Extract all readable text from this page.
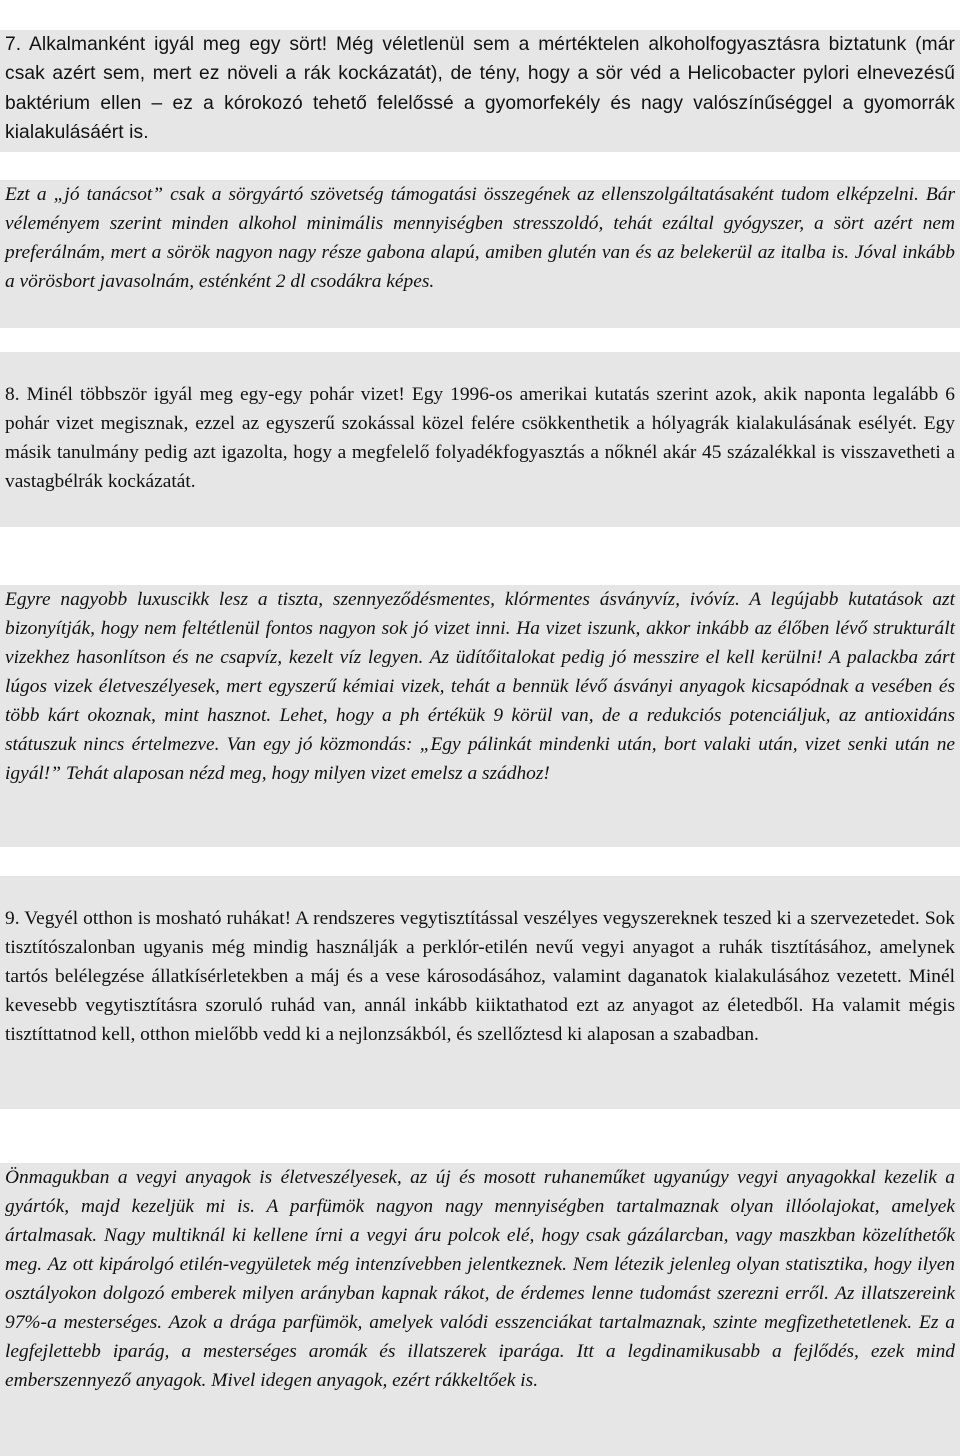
7. Alkalmanként igyál meg egy sört! Még véletlenül sem a mértéktelen alkoholfogyasztásra biztatunk (már csak azért sem, mert ez növeli a rák kockázatát), de tény, hogy a sör véd a Helicobacter pylori elnevezésű baktérium ellen – ez a kórokozó tehető felelőssé a gyomorfekély és nagy valószínűséggel a gyomorrák kialakulásáért is.

Ezt a „jó tanácsot” csak a sörgyártó szövetség támogatási összegének az ellenszolgáltatásaként tudom elképzelni. Bár véleményem szerint minden alkohol minimális mennyiségben stresszoldó, tehát ezáltal gyógyszer, a sört azért nem preferálnám, mert a sörök nagyon nagy része gabona alapú, amiben glutén van és az belekerül az italba is. Jóval inkább a vörösbort javasolnám, esténként 2 dl csodákra képes.

8. Minél többször igyál meg egy-egy pohár vizet! Egy 1996-os amerikai kutatás szerint azok, akik naponta legalább 6 pohár vizet megisznak, ezzel az egyszerű szokással közel felére csökkenthetik a hólyagrák kialakulásának esélyét. Egy másik tanulmány pedig azt igazolta, hogy a megfelelő folyadékfogyasztás a nőknél akár 45 százalékkal is visszavetheti a vastagbélrák kockázatát.

Egyre nagyobb luxuscikk lesz a tiszta, szennyeződésmentes, klórmentes ásványvíz, ivóvíz. A legújabb kutatások azt bizonyítják, hogy nem feltétlenül fontos nagyon sok jó vizet inni. Ha vizet iszunk, akkor inkább az élőben lévő strukturált vizekhez hasonlítson és ne csapvíz, kezelt víz legyen. Az üdítőitalokat pedig jó messzire el kell kerülni! A palackba zárt lúgos vizek életveszélyesek, mert egyszerű kémiai vizek, tehát a bennük lévő ásványi anyagok kicsapódnak a vesében és több kárt okoznak, mint hasznot. Lehet, hogy a ph értékük 9 körül van, de a redukciós potenciáljuk, az antioxidáns státuszuk nincs értelmezve. Van egy jó közmondás: „Egy pálinkát mindenki után, bort valaki után, vizet senki után ne igyál!” Tehát alaposan nézd meg, hogy milyen vizet emelsz a szádhoz!

9. Vegyél otthon is mosható ruhákat! A rendszeres vegytisztítással veszélyes vegyszereknek teszed ki a szervezetedet. Sok tisztítószalonban ugyanis még mindig használják a perklór-etilén nevű vegyi anyagot a ruhák tisztításához, amelynek tartós belélegzése állatkísérletekben a máj és a vese károsodásához, valamint daganatok kialakulásához vezetett. Minél kevesebb vegytisztításra szoruló ruhád van, annál inkább kiiktathatod ezt az anyagot az életedből. Ha valamit mégis tisztíttatnod kell, otthon mielőbb vedd ki a nejlonzsákból, és szellőztesd ki alaposan a szabadban.

Önmagukban a vegyi anyagok is életveszélyesek, az új és mosott ruhaneműket ugyanúgy vegyi anyagokkal kezelik a gyártók, majd kezeljük mi is. A parfümök nagyon nagy mennyiségben tartalmaznak olyan illóolajokat, amelyek ártalmasak. Nagy multiknál ki kellene írni a vegyi áru polcok elé, hogy csak gázálarcban, vagy maszkban közelíthetők meg. Az ott kipárolgó etilén-vegyületek még intenzívebben jelentkeznek. Nem létezik jelenleg olyan statisztika, hogy ilyen osztályokon dolgozó emberek milyen arányban kapnak rákot, de érdemes lenne tudomást szerezni erről. Az illatszereink 97%-a mesterséges. Azok a drága parfümök, amelyek valódi esszenciákat tartalmaznak, szinte megfizethetetlenek. Ez a legfejlettebb iparág, a mesterséges aromák és illatszerek iparága. Itt a legdinamikusabb a fejlődés, ezek mind emberszennyező anyagok. Mivel idegen anyagok, ezért rákkeltőek is.
